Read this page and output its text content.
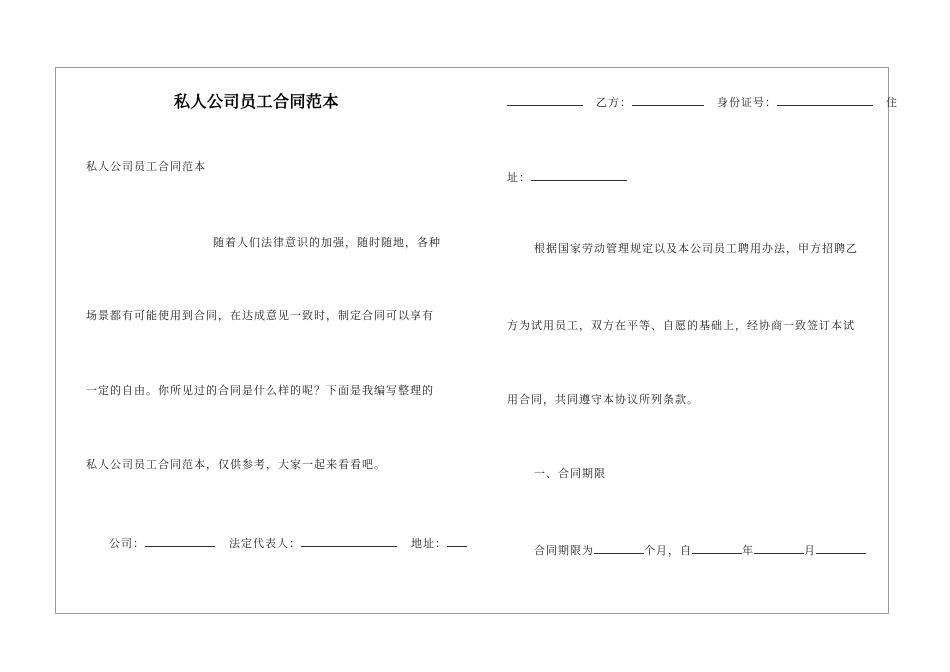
私人公司员工合同范本
私人公司员工合同范本
随着人们法律意识的加强，随时随地，各种
场景都有可能使用到合同，在达成意见一致时，制定合同可以享有
一定的自由。你所见过的合同是什么样的呢？下面是我编写整理的
私人公司员工合同范本，仅供参考，大家一起来看看吧。
公司：	法定代表人：	地址：
乙方：	身份证号：	住
址：
根据国家劳动管理规定以及本公司员工聘用办法，甲方招聘乙
方为试用员工，双方在平等、自愿的基础上，经协商一致签订本试
用合同，共同遵守本协议所列条款。
一、合同期限
合同期限为	个月，自	年	月
